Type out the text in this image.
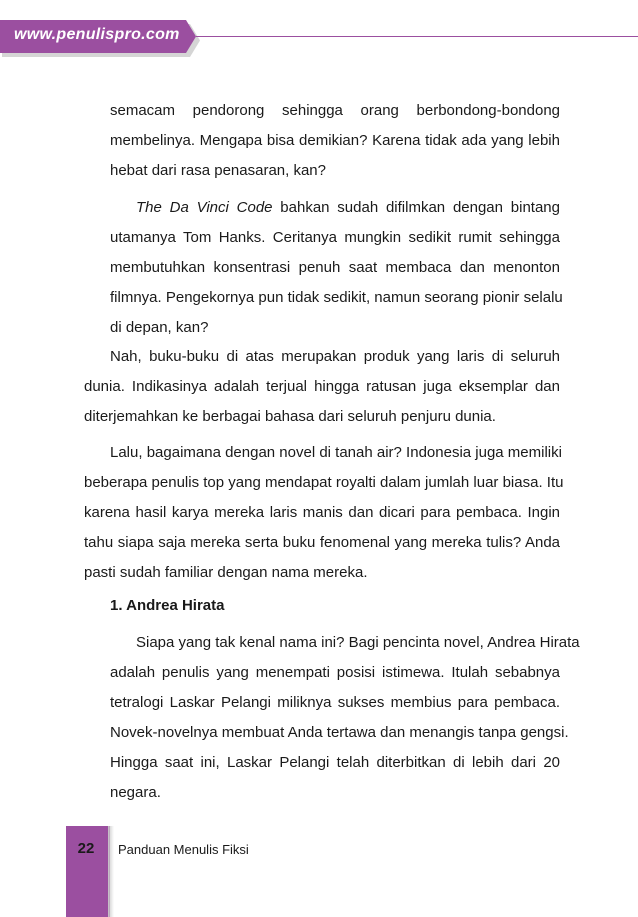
www.penulispro.com
semacam pendorong sehingga orang berbondong-bondong
membelinya. Mengapa bisa demikian? Karena tidak ada yang lebih
hebat dari rasa penasaran, kan?
The Da Vinci Code bahkan sudah difilmkan dengan bintang
utamanya Tom Hanks. Ceritanya mungkin sedikit rumit sehingga
membutuhkan konsentrasi penuh saat membaca dan menonton
filmnya. Pengekornya pun tidak sedikit, namun seorang pionir selalu
di depan, kan?
Nah, buku-buku di atas merupakan produk yang laris di seluruh
dunia. Indikasinya adalah terjual hingga ratusan juga eksemplar dan
diterjemahkan ke berbagai bahasa dari seluruh penjuru dunia.
Lalu, bagaimana dengan novel di tanah air? Indonesia juga memiliki
beberapa penulis top yang mendapat royalti dalam jumlah luar biasa. Itu
karena hasil karya mereka laris manis dan dicari para pembaca. Ingin
tahu siapa saja mereka serta buku fenomenal yang mereka tulis? Anda
pasti sudah familiar dengan nama mereka.
1. Andrea Hirata
Siapa yang tak kenal nama ini? Bagi pencinta novel, Andrea Hirata
adalah penulis yang menempati posisi istimewa. Itulah sebabnya
tetralogi Laskar Pelangi miliknya sukses membius para pembaca.
Novek-novelnya membuat Anda tertawa dan menangis tanpa gengsi.
Hingga saat ini, Laskar Pelangi telah diterbitkan di lebih dari 20
negara.
22	Panduan Menulis Fiksi
